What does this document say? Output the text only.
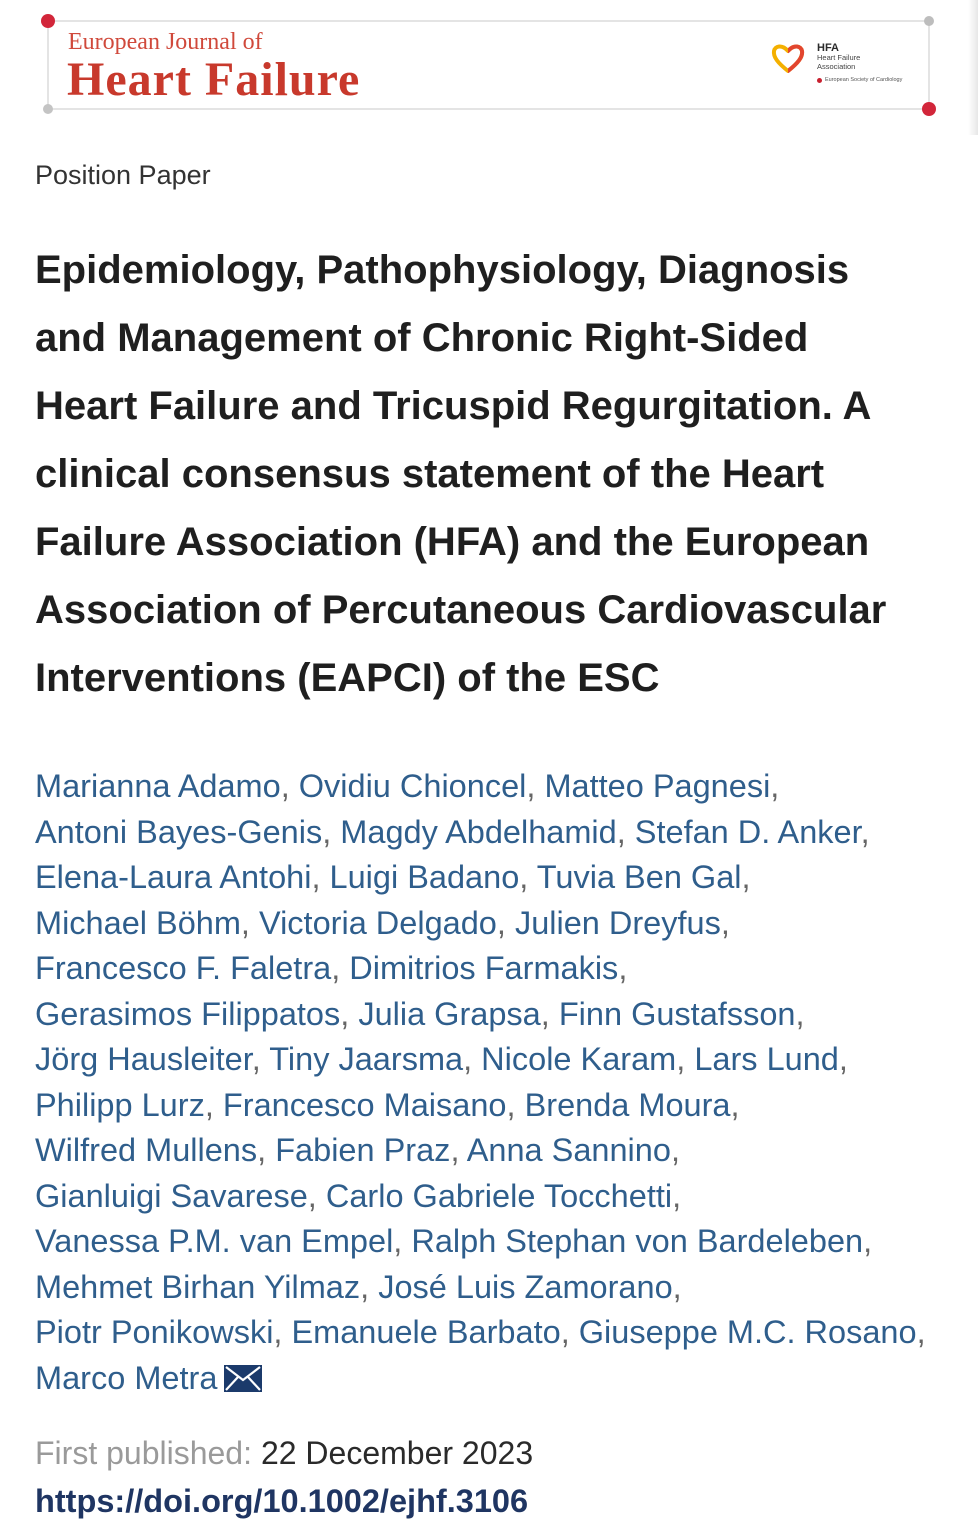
European Journal of
Heart Failure
HFA
Heart Failure
Association
European Society of Cardiology
Position Paper
Epidemiology, Pathophysiology, Diagnosis and Management of Chronic Right-Sided Heart Failure and Tricuspid Regurgitation. A clinical consensus statement of the Heart Failure Association (HFA) and the European Association of Percutaneous Cardiovascular Interventions (EAPCI) of the ESC
Marianna Adamo, Ovidiu Chioncel, Matteo Pagnesi,
Antoni Bayes-Genis, Magdy Abdelhamid, Stefan D. Anker,
Elena-Laura Antohi, Luigi Badano, Tuvia Ben Gal,
Michael Böhm, Victoria Delgado, Julien Dreyfus,
Francesco F. Faletra, Dimitrios Farmakis,
Gerasimos Filippatos, Julia Grapsa, Finn Gustafsson,
Jörg Hausleiter, Tiny Jaarsma, Nicole Karam, Lars Lund,
Philipp Lurz, Francesco Maisano, Brenda Moura,
Wilfred Mullens, Fabien Praz, Anna Sannino,
Gianluigi Savarese, Carlo Gabriele Tocchetti,
Vanessa P.M. van Empel, Ralph Stephan von Bardeleben,
Mehmet Birhan Yilmaz, José Luis Zamorano,
Piotr Ponikowski, Emanuele Barbato, Giuseppe M.C. Rosano,
Marco Metra
First published: 22 December 2023
https://doi.org/10.1002/ejhf.3106
